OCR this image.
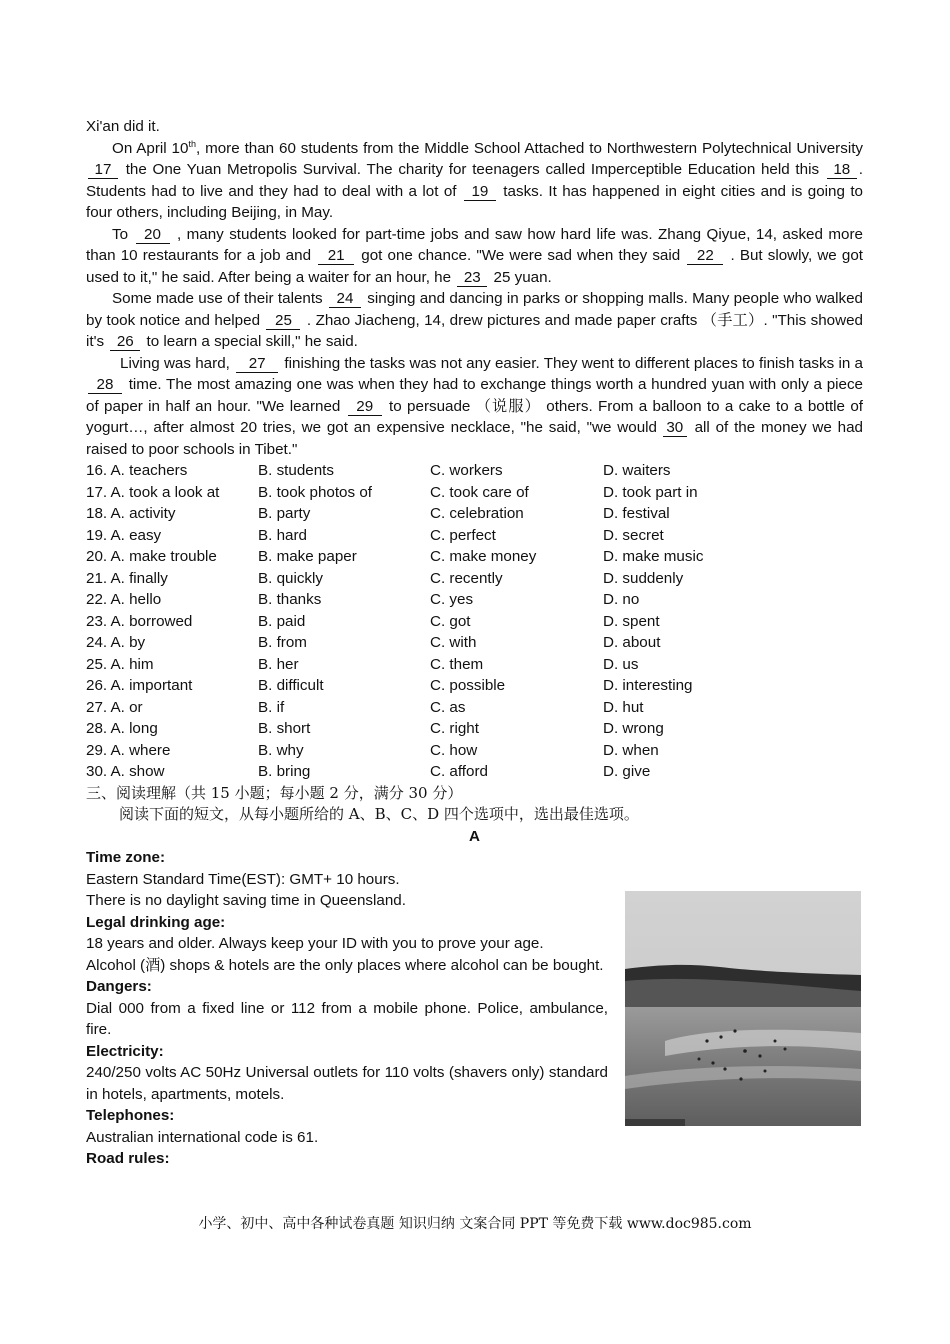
Xi'an did it.

On April 10th, more than 60 students from the Middle School Attached to Northwestern Polytechnical University 17 the One Yuan Metropolis Survival. The charity for teenagers called Imperceptible Education held this 18 . Students had to live and they had to deal with a lot of 19 tasks. It has happened in eight cities and is going to four others, including Beijing, in May.

To 20 , many students looked for part-time jobs and saw how hard life was. Zhang Qiyue, 14, asked more than 10 restaurants for a job and 21 got one chance. "We were sad when they said 22 . But slowly, we got used to it," he said. After being a waiter for an hour, he 23 25 yuan.

Some made use of their talents 24 singing and dancing in parks or shopping malls. Many people who walked by took notice and helped 25 . Zhao Jiacheng, 14, drew pictures and made paper crafts （手工）. "This showed it's 26 to learn a special skill," he said.

Living was hard, 27 finishing the tasks was not any easier. They went to different places to finish tasks in a 28 time. The most amazing one was when they had to exchange things worth a hundred yuan with only a piece of paper in half an hour. "We learned 29 to persuade （说服） others. From a balloon to a cake to a bottle of yogurt…, after almost 20 tries, we got an expensive necklace, "he said, "we would 30 all of the money we had raised to poor schools in Tibet."

16. A. teachers	B. students	C. workers	D. waiters
17. A. took a look at	B. took photos of	C. took care of	D. took part in
18. A. activity	B. party	C. celebration	D. festival
19. A. easy	B. hard	C. perfect	D. secret
20. A. make trouble	B. make paper	C. make money	D. make music
21. A. finally	B. quickly	C. recently	D. suddenly
22. A. hello	B. thanks	C. yes	D. no
23. A. borrowed	B. paid	C. got	D. spent
24. A. by	B. from	C. with	D. about
25. A. him	B. her	C. them	D. us
26. A. important	B. difficult	C. possible	D. interesting
27. A. or	B. if	C. as	D. hut
28. A. long	B. short	C. right	D. wrong
29. A. where	B. why	C. how	D. when
30. A. show	B. bring	C. afford	D. give

三、阅读理解（共 15 小题；每小题 2 分，满分 30 分）

阅读下面的短文，从每小题所给的 A、B、C、D 四个选项中，选出最佳选项。

A

Time zone:

Eastern Standard Time(EST): GMT+ 10 hours.

There is no daylight saving time in Queensland.

Legal drinking age:

18 years and older. Always keep your ID with you to prove your age.

Alcohol (酒) shops & hotels are the only places where alcohol can be bought.

Dangers:

Dial 000 from a fixed line or 112 from a mobile phone. Police, ambulance, fire.

Electricity:

240/250 volts AC 50Hz Universal outlets for 110 volts (shavers only) standard in hotels, apartments, motels.

Telephones:

Australian international code is 61.

Road rules:

小学、初中、高中各种试卷真题 知识归纳 文案合同 PPT 等免费下载 www.doc985.com
